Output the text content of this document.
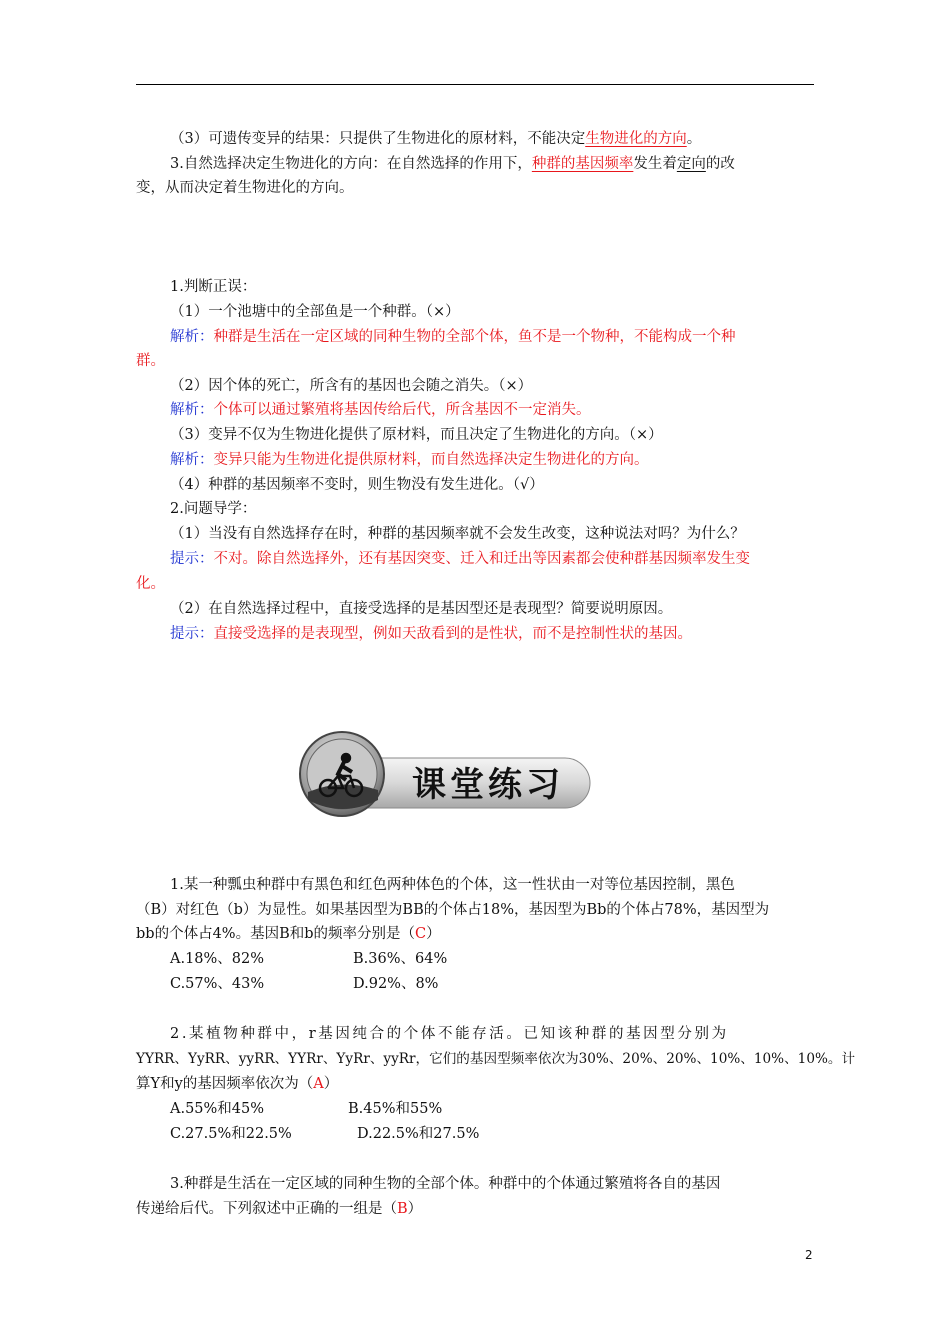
（3）可遗传变异的结果：只提供了生物进化的原材料，不能决定生物进化的方向。

3.自然选择决定生物进化的方向：在自然选择的作用下，种群的基因频率发生着定向的改

变，从而决定着生物进化的方向。

1.判断正误：

（1）一个池塘中的全部鱼是一个种群。（×）

解析：种群是生活在一定区域的同种生物的全部个体，鱼不是一个物种，不能构成一个种

群。

（2）因个体的死亡，所含有的基因也会随之消失。（×）

解析：个体可以通过繁殖将基因传给后代，所含基因不一定消失。

（3）变异不仅为生物进化提供了原材料，而且决定了生物进化的方向。（×）

解析：变异只能为生物进化提供原材料，而自然选择决定生物进化的方向。

（4）种群的基因频率不变时，则生物没有发生进化。（√）

2.问题导学：

（1）当没有自然选择存在时，种群的基因频率就不会发生改变，这种说法对吗？为什么？

提示：不对。除自然选择外，还有基因突变、迁入和迁出等因素都会使种群基因频率发生变

化。

（2）在自然选择过程中，直接受选择的是基因型还是表现型？简要说明原因。

提示：直接受选择的是表现型，例如天敌看到的是性状，而不是控制性状的基因。

课堂练习

1.某一种瓢虫种群中有黑色和红色两种体色的个体，这一性状由一对等位基因控制，黑色

（B）对红色（b）为显性。如果基因型为BB的个体占18%，基因型为Bb的个体占78%，基因型为

bb的个体占4%。基因B和b的频率分别是（C）

A.18%、82%	B.36%、64%
C.57%、43%	D.92%、8%

2.某植物种群中，r基因纯合的个体不能存活。已知该种群的基因型分别为

YYRR、YyRR、yyRR、YYRr、YyRr、yyRr，它们的基因型频率依次为30%、20%、20%、10%、10%、10%。计

算Y和y的基因频率依次为（A）

A.55%和45%	B.45%和55%
C.27.5%和22.5%	D.22.5%和27.5%

3.种群是生活在一定区域的同种生物的全部个体。种群中的个体通过繁殖将各自的基因

传递给后代。下列叙述中正确的一组是（B）

2
